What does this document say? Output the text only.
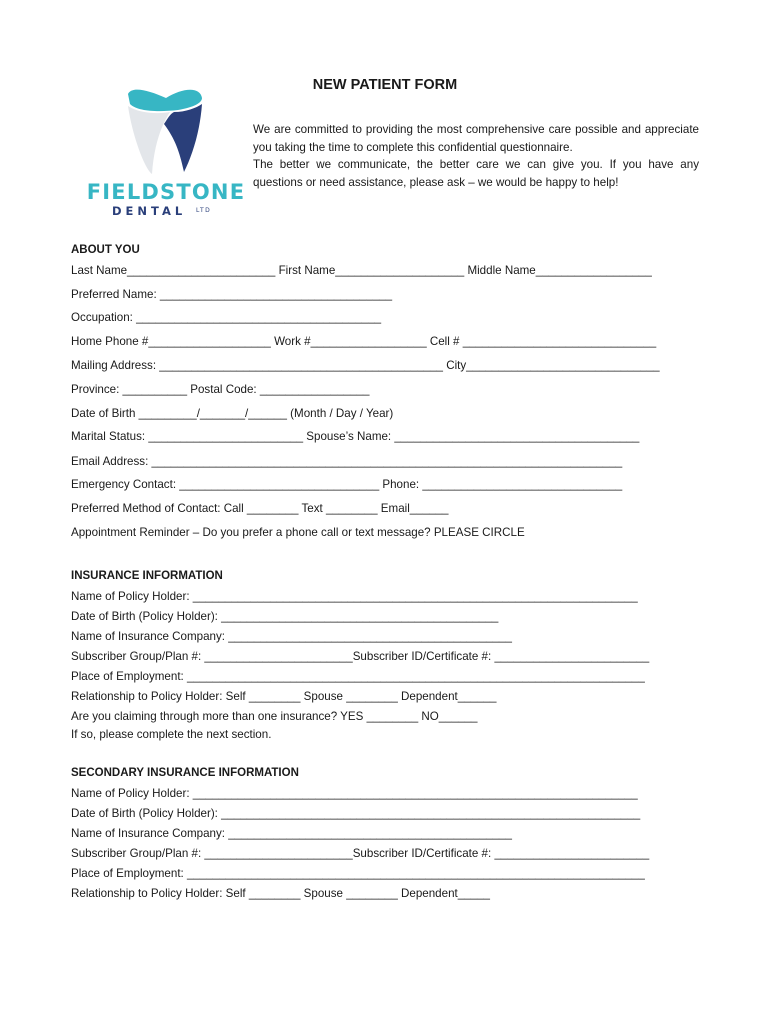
FIELDSTONE
DENTAL LTD
NEW PATIENT FORM

We are committed to providing the most comprehensive care possible and appreciate you taking the time to complete this confidential questionnaire.

The better we communicate, the better care we can give you. If you have any questions or need assistance, please ask – we would be happy to help!

ABOUT YOU
Last Name_______________________ First Name____________________ Middle Name__________________
Preferred Name: ____________________________________
Occupation: ______________________________________
Home Phone #___________________ Work #__________________ Cell # ______________________________
Mailing Address: ____________________________________________ City______________________________
Province: __________ Postal Code: _________________
Date of Birth _________/_______/______ (Month / Day / Year)
Marital Status: ________________________ Spouse’s Name: ______________________________________
Email Address: _________________________________________________________________________
Emergency Contact: _______________________________ Phone: _______________________________
Preferred Method of Contact: Call ________ Text ________ Email______
Appointment Reminder – Do you prefer a phone call or text message? PLEASE CIRCLE
INSURANCE INFORMATION
Name of Policy Holder: _____________________________________________________________________
Date of Birth (Policy Holder): ___________________________________________
Name of Insurance Company: ____________________________________________
Subscriber Group/Plan #: _______________________Subscriber ID/Certificate #: ________________________
Place of Employment: _______________________________________________________________________
Relationship to Policy Holder: Self ________ Spouse ________ Dependent______
Are you claiming through more than one insurance? YES ________ NO______
If so, please complete the next section.
SECONDARY INSURANCE INFORMATION
Name of Policy Holder: _____________________________________________________________________
Date of Birth (Policy Holder): _________________________________________________________________
Name of Insurance Company: ____________________________________________
Subscriber Group/Plan #: _______________________Subscriber ID/Certificate #: ________________________
Place of Employment: _______________________________________________________________________
Relationship to Policy Holder: Self ________ Spouse ________ Dependent_____
